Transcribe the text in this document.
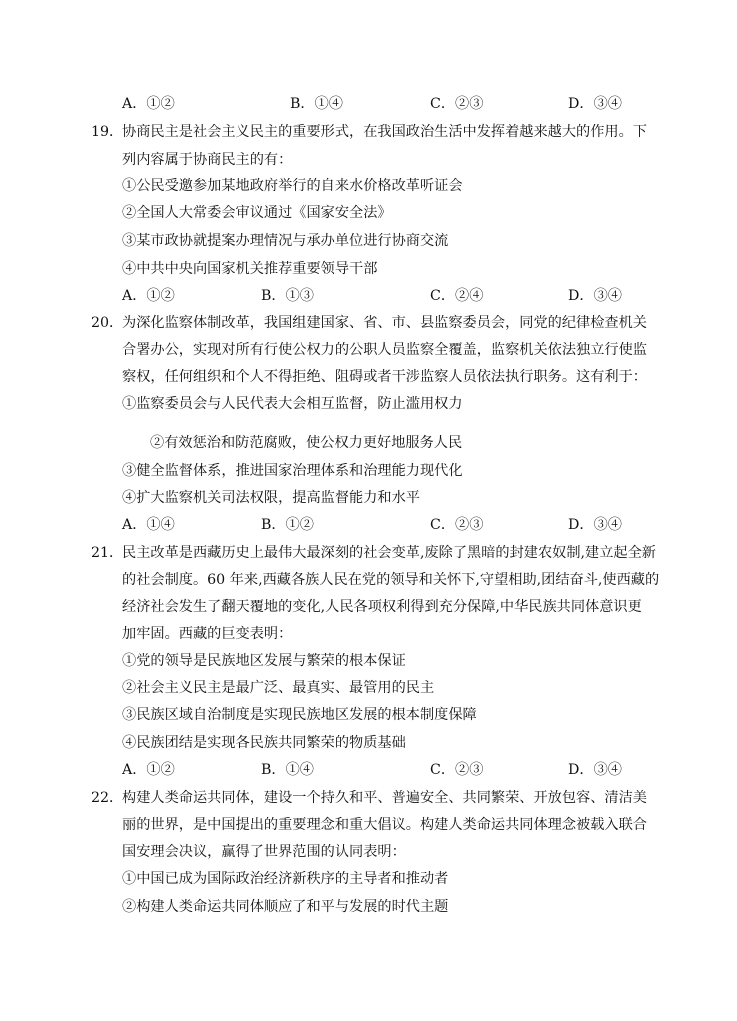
A．①②	B．①④	C．②③	D．③④
19．
协商民主是社会主义民主的重要形式，在我国政治生活中发挥着越来越大的作用。下
列内容属于协商民主的有：
①公民受邀参加某地政府举行的自来水价格改革听证会
②全国人大常委会审议通过《国家安全法》
③某市政协就提案办理情况与承办单位进行协商交流
④中共中央向国家机关推荐重要领导干部
A．①②	B．①③	C．②④	D．③④
20．
为深化监察体制改革，我国组建国家、省、市、县监察委员会，同党的纪律检查机关
合署办公，实现对所有行使公权力的公职人员监察全覆盖，监察机关依法独立行使监
察权，任何组织和个人不得拒绝、阻碍或者干涉监察人员依法执行职务。这有利于：
①监察委员会与人民代表大会相互监督，防止滥用权力
②有效惩治和防范腐败，使公权力更好地服务人民
③健全监督体系，推进国家治理体系和治理能力现代化
④扩大监察机关司法权限，提高监督能力和水平
A．①④	B．①②	C．②③	D．③④
21．
民主改革是西藏历史上最伟大最深刻的社会变革,废除了黑暗的封建农奴制,建立起全新
的社会制度。60 年来,西藏各族人民在党的领导和关怀下,守望相助,团结奋斗,使西藏的
经济社会发生了翻天覆地的变化,人民各项权利得到充分保障,中华民族共同体意识更
加牢固。西藏的巨变表明：
①党的领导是民族地区发展与繁荣的根本保证
②社会主义民主是最广泛、最真实、最管用的民主
③民族区域自治制度是实现民族地区发展的根本制度保障
④民族团结是实现各民族共同繁荣的物质基础
A．①②	B．①④	C．②③	D．③④
22．
构建人类命运共同体，建设一个持久和平、普遍安全、共同繁荣、开放包容、清洁美
丽的世界，是中国提出的重要理念和重大倡议。构建人类命运共同体理念被载入联合
国安理会决议，赢得了世界范围的认同表明：
①中国已成为国际政治经济新秩序的主导者和推动者
②构建人类命运共同体顺应了和平与发展的时代主题
